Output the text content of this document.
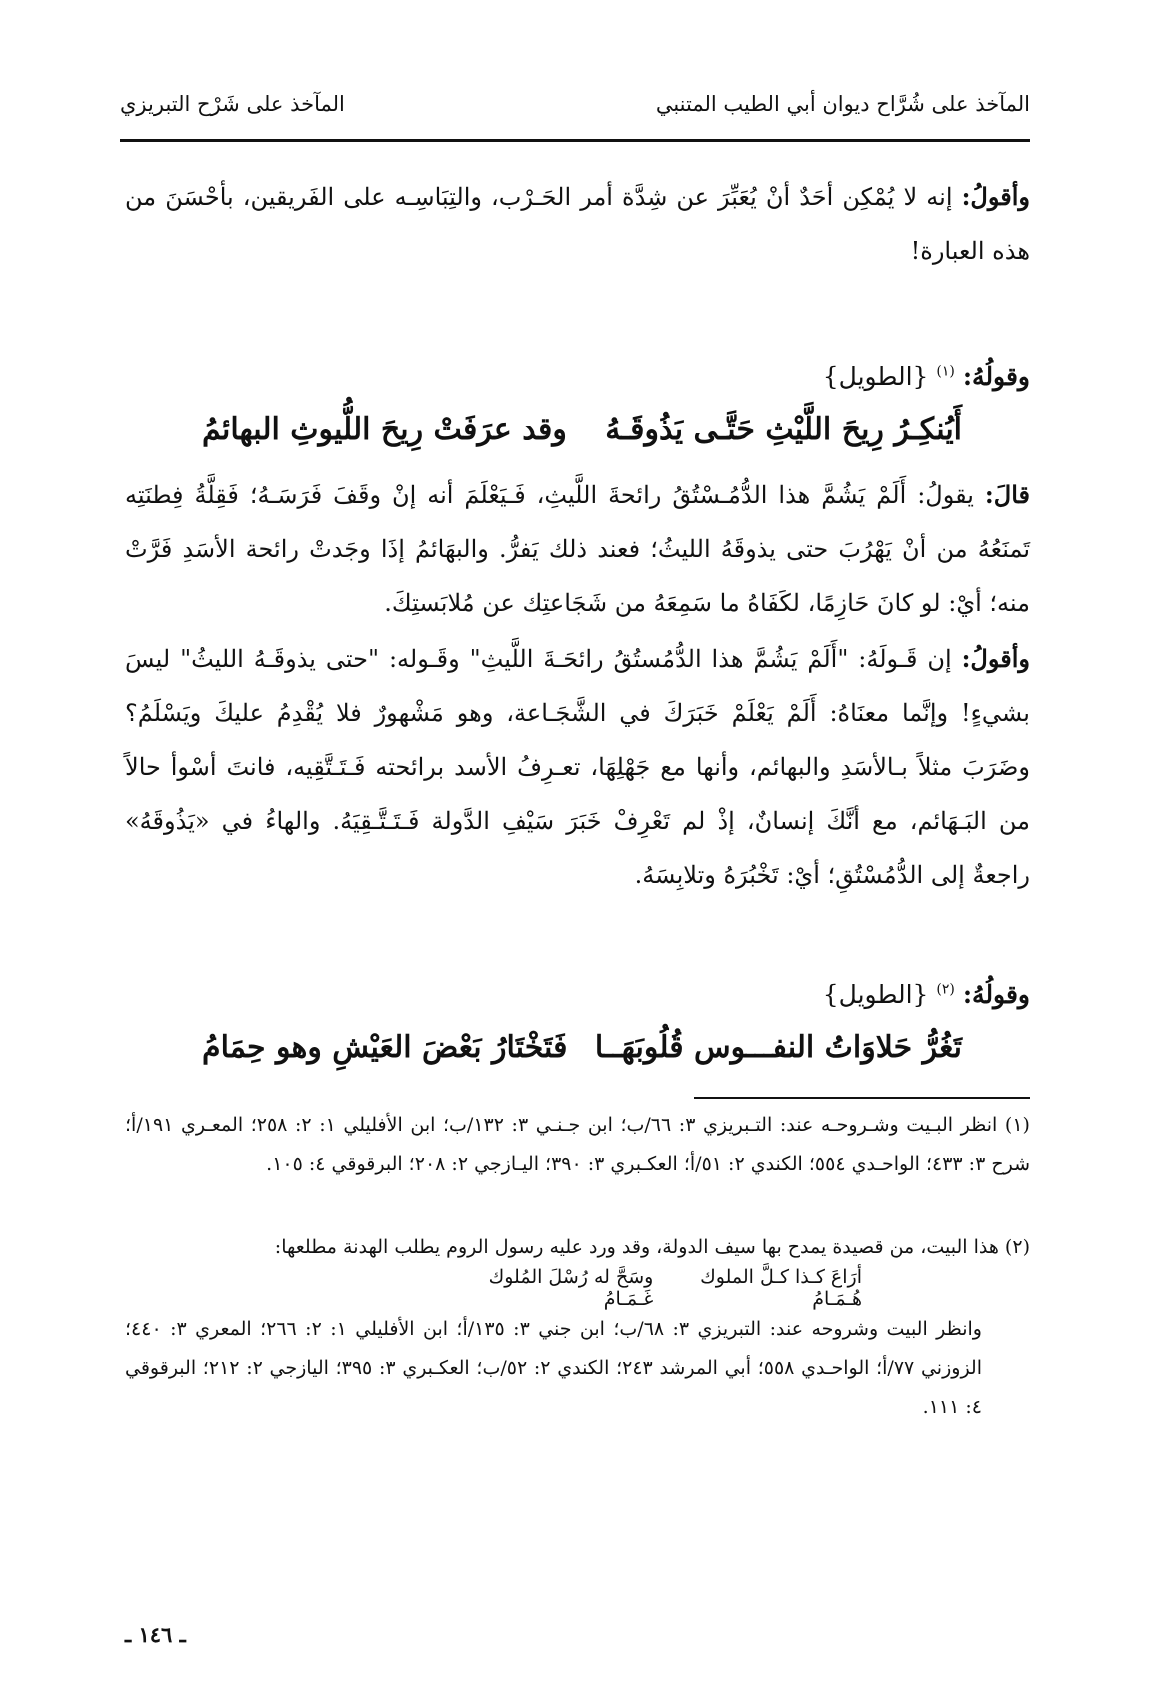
المآخذ على شُرَّاح ديوان أبي الطيب المتنبي
المآخذ على شَرْح التبريزي

وأقولُ: إنه لا يُمْكِن أحَدٌ أنْ يُعَبِّرَ عن شِدَّة أمر الحَـرْب، والتِبَاسِـه على الفَريقين، بأحْسَنَ من هذه العبارة!

وقولُهُ: $^{(١)}$ {الطويل}
أَيُنكِـرُ رِيحَ اللَّيْثِ حَتَّـى يَذُوقَـهُ
وقد عرَفَتْ رِيحَ اللُّيوثِ البهائمُ

قالَ: يقولُ: أَلَمْ يَشُمَّ هذا الدُّمُـسْتُقُ رائحةَ اللَّيثِ، فَـيَعْلَمَ أنه إنْ وقَفَ فَرَسَـهُ؛ فَقِلَّةُ فِطنَتِه تَمنَعُهُ من أنْ يَهْرُبَ حتى يذوقَهُ الليثُ؛ فعند ذلك يَفرُّ. والبهَائمُ إذَا وجَدتْ رائحة الأسَدِ فَرَّتْ منه؛ أيْ: لو كانَ حَازِمًا، لكَفَاهُ ما سَمِعَهُ من شَجَاعتِك عن مُلابَستِكَ.

وأقولُ: إن قَـولَهُ: "أَلَمْ يَشُمَّ هذا الدُّمُستُقُ رائحَـةَ اللَّيثِ" وقَـوله: "حتى يذوقَـهُ الليثُ" ليسَ بشيءٍ! وإنَّما معنَاهُ: أَلَمْ يَعْلَمْ خَبَرَكَ في الشَّجَـاعة، وهو مَشْهورٌ فلا يُقْدِمُ عليكَ ويَسْلَمُ؟ وضَرَبَ مثلاً بـالأسَدِ والبهائم، وأنها مع جَهْلِهَا، تعـرِفُ الأسد برائحته فَـتَـتَّقِيه، فانتَ أسْوأ حالاً من البَـهَائم، مع أنَّكَ إنسانٌ، إذْ لم تَعْرِفْ خَبَرَ سَيْفِ الدَّولة فَـتَـتَّـقِيَهُ. والهاءُ في «يَذُوقَهُ» راجعةٌ إلى الدُّمُسْتُقِ؛ أيْ: تَخْبُرَهُ وتلابِسَهُ.

وقولُهُ: $^{(٢)}$ {الطويل}
تَغُرُّ حَلاوَاتُ النفـــوس قُلُوبَهَــا
فَتَخْتَارُ بَعْضَ العَيْشِ وهو حِمَامُ

(١) انظر البـيت وشـروحـه عند: التـبريزي ٣: ٦٦/ب؛ ابن جـنـي ٣: ١٣٢/ب؛ ابن الأفليلي ١: ٢: ٢٥٨؛ المعـري ١٩١/أ؛ شرح ٣: ٤٣٣؛ الواحـدي ٥٥٤؛ الكندي ٢: ٥١/أ؛ العكـبري ٣: ٣٩٠؛ اليـازجي ٢: ٢٠٨؛ البرقوقي ٤: ١٠٥.

(٢) هذا البيت، من قصيدة يمدح بها سيف الدولة، وقد ورد عليه رسول الروم يطلب الهدنة مطلعها:

أرَاعَ كـذا كـلَّ الملوك هُـمَـامُ
وسَحَّ له رُسْلَ المُلوك غَـمَـامُ

وانظر البيت وشروحه عند: التبريزي ٣: ٦٨/ب؛ ابن جني ٣: ١٣٥/أ؛ ابن الأفليلي ١: ٢: ٢٦٦؛ المعري ٣: ٤٤٠؛ الزوزني ٧٧/أ؛ الواحـدي ٥٥٨؛ أبي المرشد ٢٤٣؛ الكندي ٢: ٥٢/ب؛ العكـبري ٣: ٣٩٥؛ اليازجي ٢: ٢١٢؛ البرقوقي ٤: ١١١.

ـ ١٤٦ ـ
